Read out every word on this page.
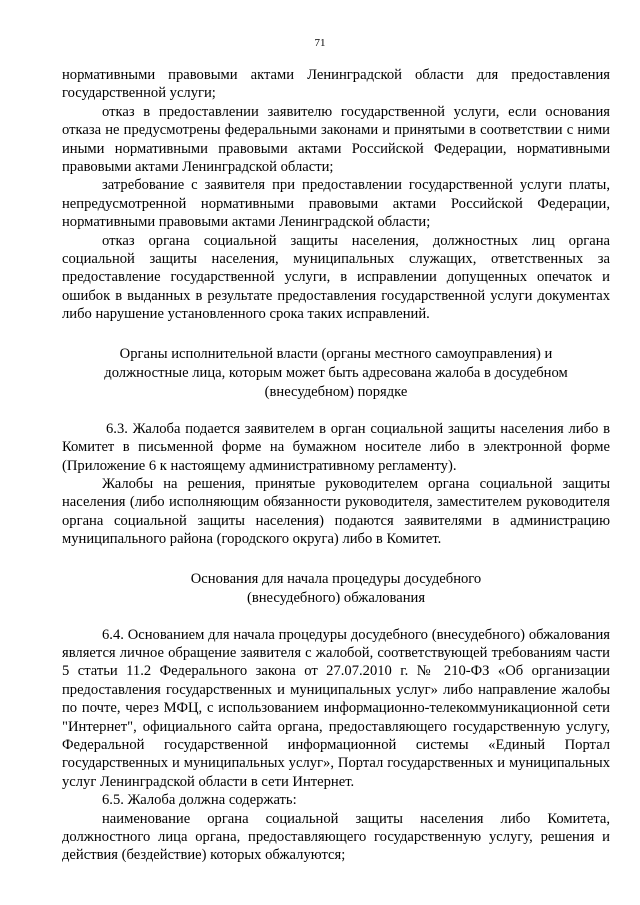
71

нормативными правовыми актами Ленинградской области для предоставления государственной услуги;

отказ в предоставлении заявителю государственной услуги, если основания отказа не предусмотрены федеральными законами и принятыми в соответствии с ними иными нормативными правовыми актами Российской Федерации, нормативными правовыми актами Ленинградской области;

затребование с заявителя при предоставлении государственной услуги платы, непредусмотренной нормативными правовыми актами Российской Федерации, нормативными правовыми актами Ленинградской области;

отказ органа социальной защиты населения, должностных лиц органа социальной защиты населения, муниципальных служащих, ответственных за предоставление государственной услуги, в исправлении допущенных опечаток и ошибок в выданных в результате предоставления государственной услуги документах либо нарушение установленного срока таких исправлений.

Органы исполнительной власти (органы местного самоуправления) и

должностные лица, которым может быть адресована жалоба в досудебном

(внесудебном) порядке

6.3. Жалоба подается заявителем в орган социальной защиты населения либо в Комитет в письменной форме на бумажном носителе либо в электронной форме (Приложение 6 к настоящему административному регламенту).

Жалобы на решения, принятые руководителем органа социальной защиты населения (либо исполняющим обязанности руководителя, заместителем руководителя органа социальной защиты населения) подаются заявителями в администрацию муниципального района (городского округа) либо в Комитет.

Основания для начала процедуры досудебного

(внесудебного) обжалования

6.4. Основанием для начала процедуры досудебного (внесудебного) обжалования является личное обращение заявителя с жалобой, соответствующей требованиям части 5 статьи 11.2 Федерального закона от 27.07.2010 г. № 210-ФЗ «Об организации предоставления государственных и муниципальных услуг» либо направление жалобы по почте, через МФЦ, с использованием информационно-телекоммуникационной сети "Интернет", официального сайта органа, предоставляющего государственную услугу, Федеральной государственной информационной системы «Единый Портал государственных и муниципальных услуг», Портал государственных и муниципальных услуг Ленинградской области в сети Интернет.

6.5. Жалоба должна содержать:

наименование органа социальной защиты населения либо Комитета, должностного лица органа, предоставляющего государственную услугу, решения и действия (бездействие) которых обжалуются;
